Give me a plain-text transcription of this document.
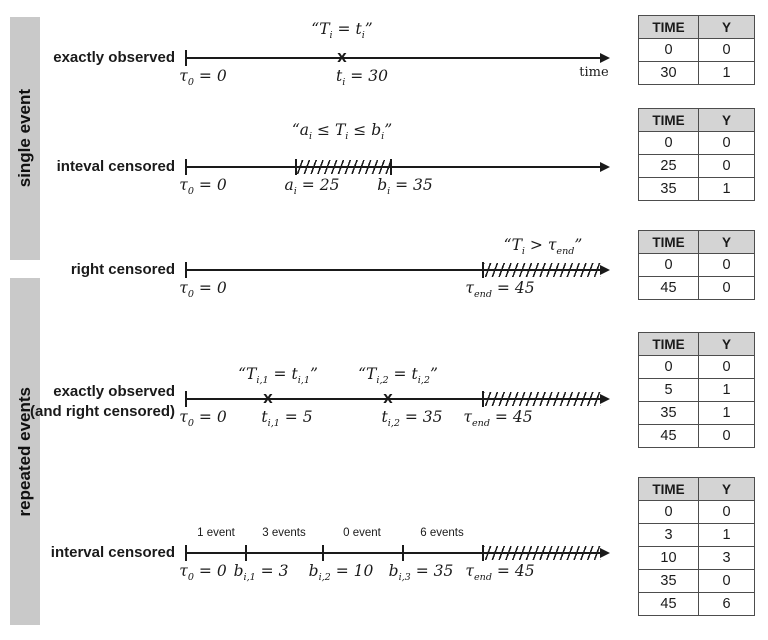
single event
repeated events
exactly observed
inteval censored
right censored
exactly observed
(and right censored)
interval censored
X
“$T_i = t_i$”
$\tau_0 = 0$	$t_i = 30$	time
“$a_i \le T_i \le b_i$”
$\tau_0 = 0$	$a_i = 25$ $b_i = 35$
“$T_i > \tau_{end}$”
$\tau_0 = 0$	$\tau_{end} = 45$
X	X
“$T_{i,1} = t_{i,1}$”	“$T_{i,2} = t_{i,2}$”
$\tau_0 = 0$ $t_{i,1} = 5$	$t_{i,2} = 35$ $\tau_{end} = 45$
1 event 3 events	0 event	6 events
$\tau_0 = 0$ $b_{i,1} = 3$ $b_{i,2} = 10$ $b_{i,3} = 35$ $\tau_{end} = 45$
TIME	Y
0	0
30	1
TIME	Y
0	0
25	0
35	1
TIME	Y
0	0
45	0
TIME	Y
0	0
5	1
35	1
45	0
TIME	Y
0	0
3	1
10	3
35	0
45	6
